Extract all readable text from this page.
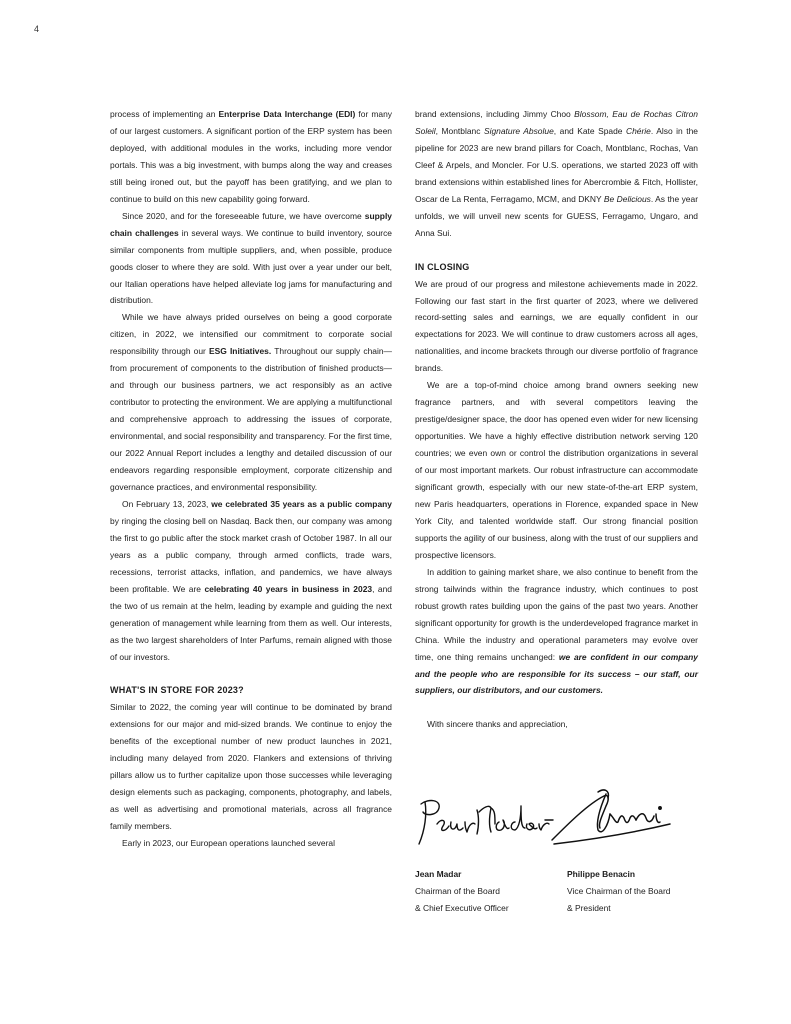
4

process of implementing an Enterprise Data Interchange (EDI) for many of our largest customers. A significant portion of the ERP system has been deployed, with additional modules in the works, including more vendor portals. This was a big investment, with bumps along the way and creases still being ironed out, but the payoff has been gratifying, and we plan to continue to build on this new capability going forward.

Since 2020, and for the foreseeable future, we have overcome supply chain challenges in several ways. We continue to build inventory, source similar components from multiple suppliers, and, when possible, produce goods closer to where they are sold. With just over a year under our belt, our Italian operations have helped alleviate log jams for manufacturing and distribution.

While we have always prided ourselves on being a good corporate citizen, in 2022, we intensified our commitment to corporate social responsibility through our ESG Initiatives. Throughout our supply chain—from procurement of components to the distribution of finished products—and through our business partners, we act responsibly as an active contributor to protecting the environment. We are applying a multifunctional and comprehensive approach to addressing the issues of corporate, environmental, and social responsibility and transparency. For the first time, our 2022 Annual Report includes a lengthy and detailed discussion of our endeavors regarding responsible employment, corporate citizenship and governance practices, and environmental responsibility.

On February 13, 2023, we celebrated 35 years as a public company by ringing the closing bell on Nasdaq. Back then, our company was among the first to go public after the stock market crash of October 1987. In all our years as a public company, through armed conflicts, trade wars, recessions, terrorist attacks, inflation, and pandemics, we have always been profitable. We are celebrating 40 years in business in 2023, and the two of us remain at the helm, leading by example and guiding the next generation of management while learning from them as well. Our interests, as the two largest shareholders of Inter Parfums, remain aligned with those of our investors.

WHAT'S IN STORE FOR 2023?

Similar to 2022, the coming year will continue to be dominated by brand extensions for our major and mid-sized brands. We continue to enjoy the benefits of the exceptional number of new product launches in 2021, including many delayed from 2020. Flankers and extensions of thriving pillars allow us to further capitalize upon those successes while leveraging design elements such as packaging, components, photography, and labels, as well as advertising and promotional materials, across all fragrance family members.

Early in 2023, our European operations launched several

brand extensions, including Jimmy Choo Blossom, Eau de Rochas Citron Soleil, Montblanc Signature Absolue, and Kate Spade Chérie. Also in the pipeline for 2023 are new brand pillars for Coach, Montblanc, Rochas, Van Cleef & Arpels, and Moncler. For U.S. operations, we started 2023 off with brand extensions within established lines for Abercrombie & Fitch, Hollister, Oscar de La Renta, Ferragamo, MCM, and DKNY Be Delicious. As the year unfolds, we will unveil new scents for GUESS, Ferragamo, Ungaro, and Anna Sui.

IN CLOSING

We are proud of our progress and milestone achievements made in 2022. Following our fast start in the first quarter of 2023, where we delivered record-setting sales and earnings, we are equally confident in our expectations for 2023. We will continue to draw customers across all ages, nationalities, and income brackets through our diverse portfolio of fragrance brands.

We are a top-of-mind choice among brand owners seeking new fragrance partners, and with several competitors leaving the prestige/designer space, the door has opened even wider for new licensing opportunities. We have a highly effective distribution network serving 120 countries; we even own or control the distribution organizations in several of our most important markets. Our robust infrastructure can accommodate significant growth, especially with our new state-of-the-art ERP system, new Paris headquarters, operations in Florence, expanded space in New York City, and talented worldwide staff. Our strong financial position supports the agility of our business, along with the trust of our suppliers and prospective licensors.

In addition to gaining market share, we also continue to benefit from the strong tailwinds within the fragrance industry, which continues to post robust growth rates building upon the gains of the past two years. Another significant opportunity for growth is the underdeveloped fragrance market in China. While the industry and operational parameters may evolve over time, one thing remains unchanged: we are confident in our company and the people who are responsible for its success – our staff, our suppliers, our distributors, and our customers.

With sincere thanks and appreciation,

Jean Madar
Chairman of the Board
& Chief Executive Officer
Philippe Benacin
Vice Chairman of the Board
& President
